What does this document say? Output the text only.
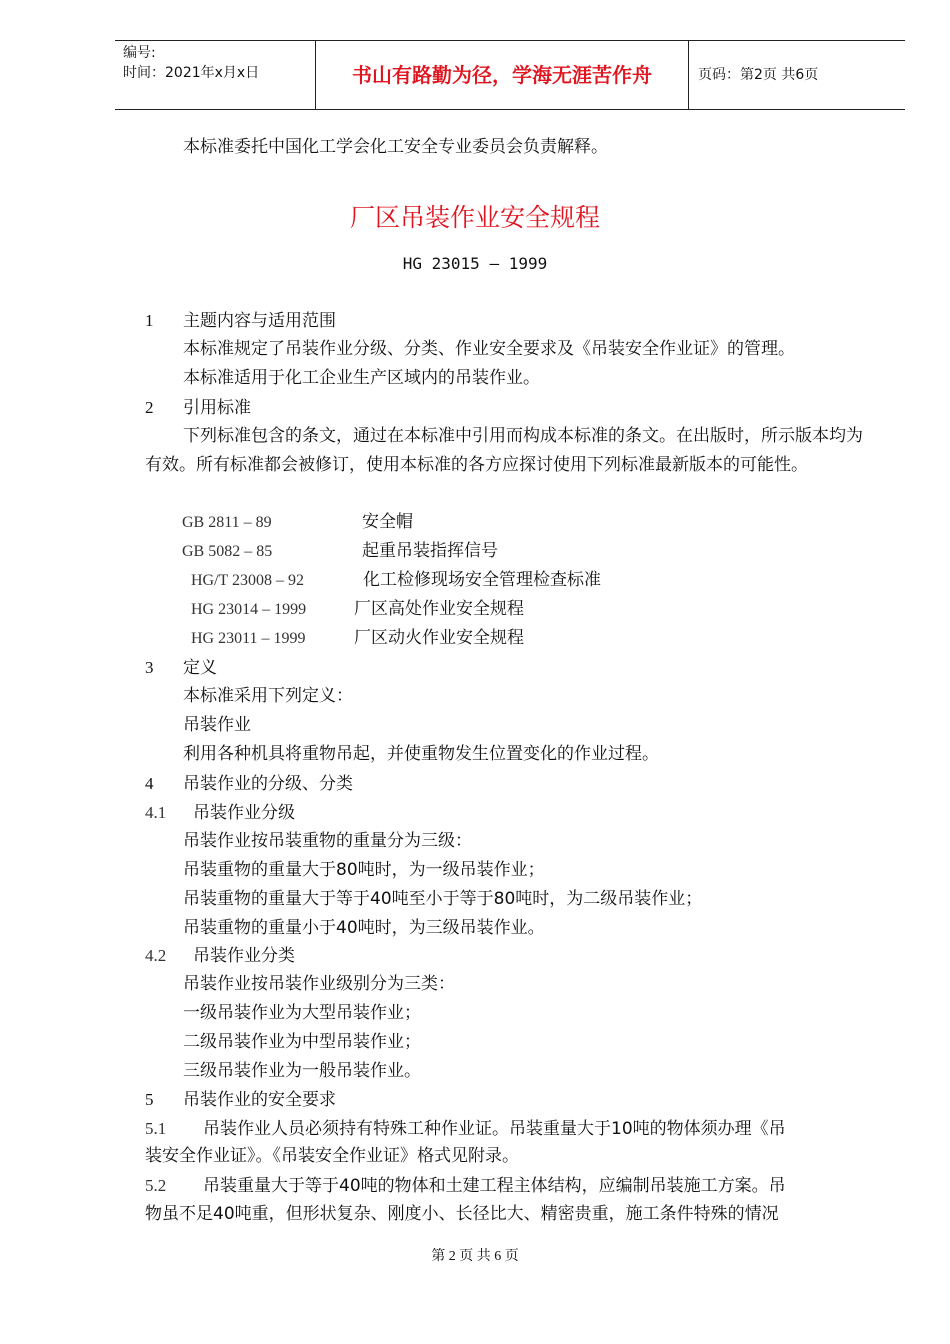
编号:
时间：2021年x月x日	书山有路勤为径，学海无涯苦作舟	页码：第2页 共6页
本标准委托中国化工学会化工安全专业委员会负责解释。
厂区吊装作业安全规程
HG 23015 – 1999
1 主题内容与适用范围
本标准规定了吊装作业分级、分类、作业安全要求及《吊装安全作业证》的管理。
本标准适用于化工企业生产区域内的吊装作业。
2 引用标准
下列标准包含的条文，通过在本标准中引用而构成本标准的条文。在出版时，所示版本均为有效。所有标准都会被修订，使用本标准的各方应探讨使用下列标准最新版本的可能性。
GB 2811 – 89	安全帽
GB 5082 – 85	起重吊装指挥信号
HG/T 23008 – 92	化工检修现场安全管理检查标准
HG 23014 – 1999	厂区高处作业安全规程
HG 23011 – 1999	厂区动火作业安全规程
3 定义
本标准采用下列定义：
吊装作业
利用各种机具将重物吊起，并使重物发生位置变化的作业过程。
4 吊装作业的分级、分类
4.1 吊装作业分级
吊装作业按吊装重物的重量分为三级：
吊装重物的重量大于80吨时，为一级吊装作业；
吊装重物的重量大于等于40吨至小于等于80吨时，为二级吊装作业；
吊装重物的重量小于40吨时，为三级吊装作业。
4.2 吊装作业分类
吊装作业按吊装作业级别分为三类：
一级吊装作业为大型吊装作业；
二级吊装作业为中型吊装作业；
三级吊装作业为一般吊装作业。
5 吊装作业的安全要求
5.1 吊装作业人员必须持有特殊工种作业证。吊装重量大于10吨的物体须办理《吊
装安全作业证》。《吊装安全作业证》格式见附录。
5.2 吊装重量大于等于40吨的物体和土建工程主体结构，应编制吊装施工方案。吊
物虽不足40吨重，但形状复杂、刚度小、长径比大、精密贵重，施工条件特殊的情况
第 2 页 共 6 页
